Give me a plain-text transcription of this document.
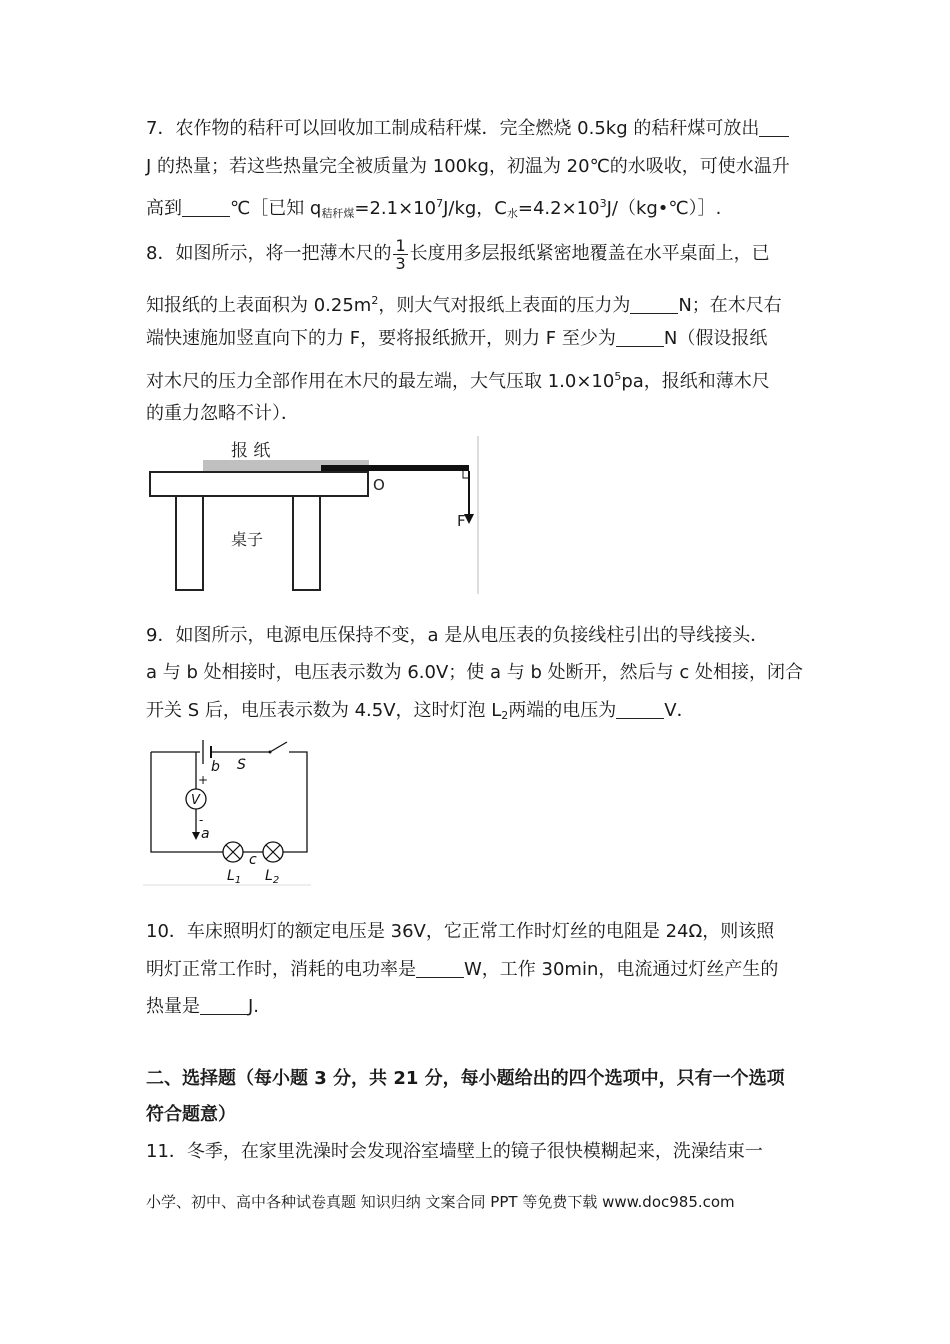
7．农作物的秸秆可以回收加工制成秸秆煤．完全燃烧 0.5kg 的秸秆煤可放出
J 的热量；若这些热量完全被质量为 100kg，初温为 20℃的水吸收，可使水温升
高到	℃［已知 $q_{秸秆煤}=2.1\times 10^7J/kg$，$C_水=4.2\times 10^3J/(kg•℃)]$.
8．如图所示，将一把薄木尺的 $\frac{1}{3}$ 长度用多层报纸紧密地覆盖在水平桌面上，已
知报纸的上表面积为 $0.25m^2$，则大气对报纸上表面的压力为	N；在木尺右
端快速施加竖直向下的力 F，要将报纸掀开，则力 F 至少为	N（假设报纸
对木尺的压力全部作用在木尺的最左端，大气压取 $1.0\times 10^5pa$，报纸和薄木尺
的重力忽略不计）．
报 纸
桌子
O
F
9．如图所示，电源电压保持不变，a 是从电压表的负接线柱引出的导线接头．
a 与 b 处相接时，电压表示数为 6.0V；使 a 与 b 处断开，然后与 c 处相接，闭合
开关 S 后，电压表示数为 4.5V，这时灯泡 $L_2$两端的电压为	V．
b S
+
V
-
a
c
$L_1$ $L_2$
10．车床照明灯的额定电压是 36V，它正常工作时灯丝的电阻是 24Ω，则该照
明灯正常工作时，消耗的电功率是	W，工作 30min，电流通过灯丝产生的
热量是	J.
二、选择题（每小题 3 分，共 21 分，每小题给出的四个选项中，只有一个选项
符合题意）
11．冬季，在家里洗澡时会发现浴室墙壁上的镜子很快模糊起来，洗澡结束一
小学、初中、高中各种试卷真题 知识归纳 文案合同 PPT 等免费下载 www.doc985.com
